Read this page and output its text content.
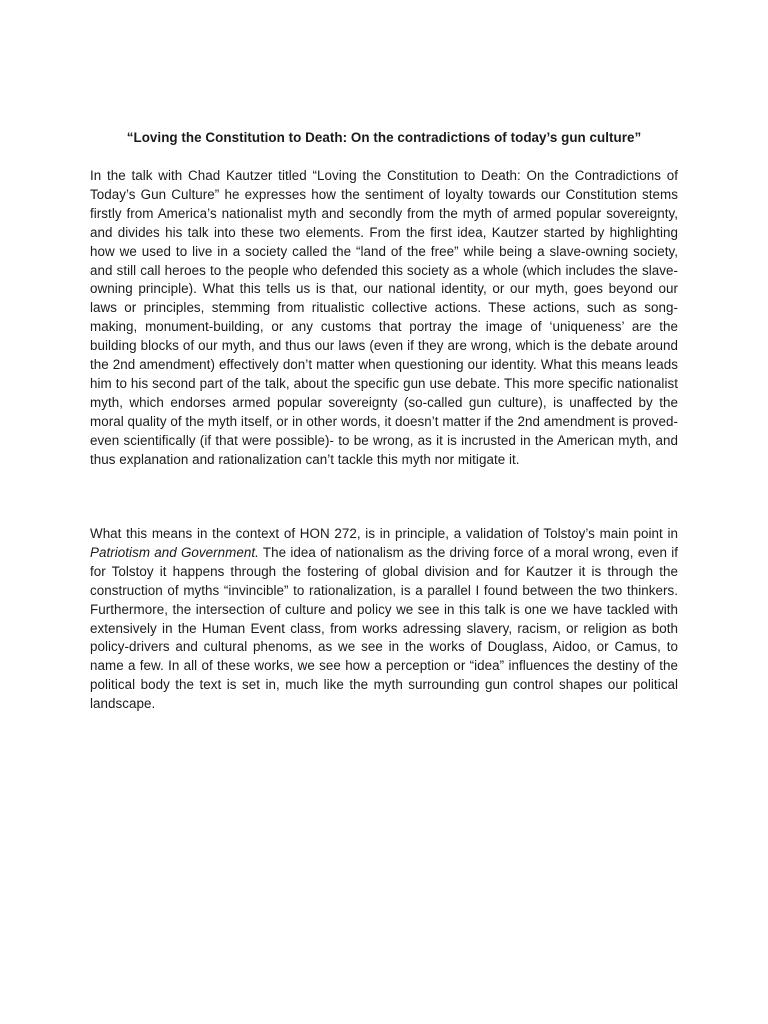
“Loving the Constitution to Death: On the contradictions of today’s gun culture”

In the talk with Chad Kautzer titled “Loving the Constitution to Death: On the Contradictions of Today’s Gun Culture” he expresses how the sentiment of loyalty towards our Constitution stems firstly from America’s nationalist myth and secondly from the myth of armed popular sovereignty, and divides his talk into these two elements. From the first idea, Kautzer started by highlighting how we used to live in a society called the “land of the free” while being a slave-owning society, and still call heroes to the people who defended this society as a whole (which includes the slave-owning principle). What this tells us is that, our national identity, or our myth, goes beyond our laws or principles, stemming from ritualistic collective actions. These actions, such as song-making, monument-building, or any customs that portray the image of ‘uniqueness’ are the building blocks of our myth, and thus our laws (even if they are wrong, which is the debate around the 2nd amendment) effectively don’t matter when questioning our identity. What this means leads him to his second part of the talk, about the specific gun use debate. This more specific nationalist myth, which endorses armed popular sovereignty (so-called gun culture), is unaffected by the moral quality of the myth itself, or in other words, it doesn’t matter if the 2nd amendment is proved- even scientifically (if that were possible)- to be wrong, as it is incrusted in the American myth, and thus explanation and rationalization can’t tackle this myth nor mitigate it.

What this means in the context of HON 272, is in principle, a validation of Tolstoy’s main point in Patriotism and Government. The idea of nationalism as the driving force of a moral wrong, even if for Tolstoy it happens through the fostering of global division and for Kautzer it is through the construction of myths “invincible” to rationalization, is a parallel I found between the two thinkers. Furthermore, the intersection of culture and policy we see in this talk is one we have tackled with extensively in the Human Event class, from works adressing slavery, racism, or religion as both policy-drivers and cultural phenoms, as we see in the works of Douglass, Aidoo, or Camus, to name a few. In all of these works, we see how a perception or “idea” influences the destiny of the political body the text is set in, much like the myth surrounding gun control shapes our political landscape.
